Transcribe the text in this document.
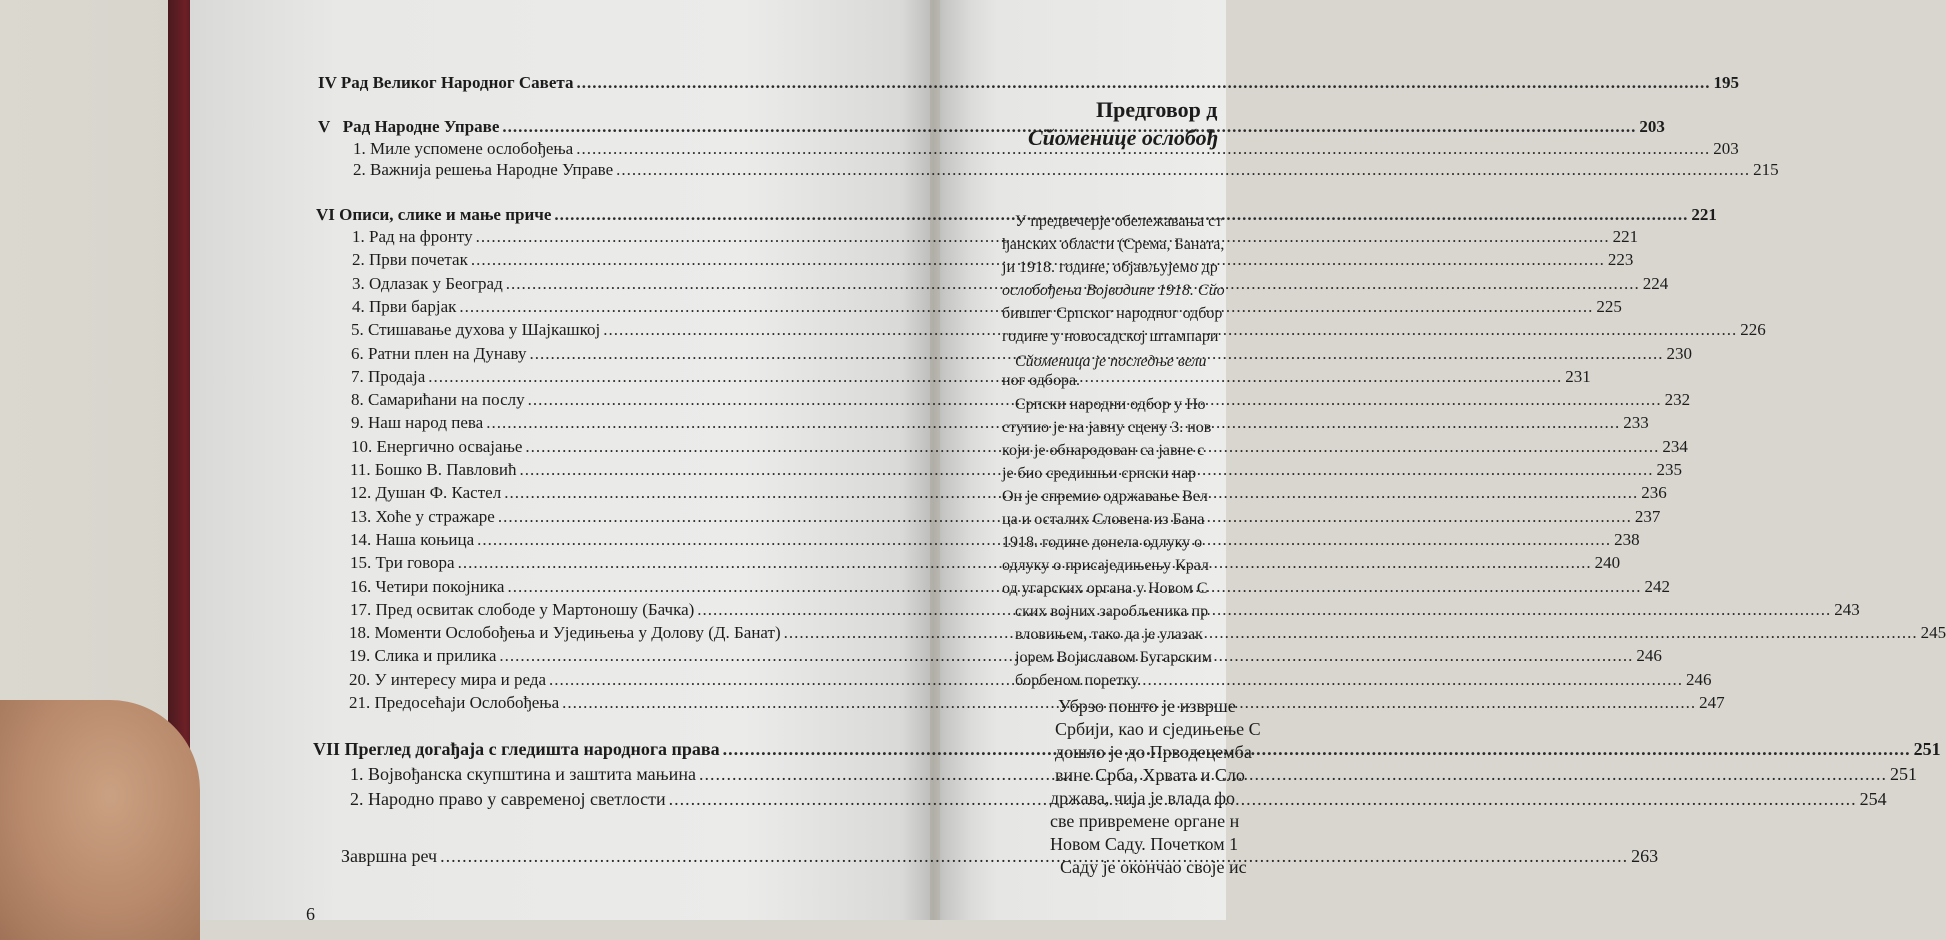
Предговор д
Сйоменице ослобођ
У предвечерје обележавања ст
ђанских области (Срема, Баната,
ји 1918. године, објављујемо др
ослобођења Војводине 1918. Сйо
бившег Српског народног одбор
године у новосадској штампари
Сйоменица је последње вели
ног одбора.
Српски народни одбор у Но
ступио је на јавну сцену 3. нов
који је обнародован са јавне с
је био средишњи српски нар
Он је спремио одржавање Вел
ца и осталих Словена из Бана
1918. године донела одлуку о
одлуку о присаједињењу Крал
од угарских органа у Новом С
ских војних заробљеника пр
вловињем, тако да је улазак
јорем Војиславом Бугарским
борбеном поретку.
Убрзо пошто је извршe
Србији, као и сједињење С
дошло је до Прводецемба
вине Срба, Хрвата и Сло
држава, чија је влада фо
све привремене органе н
Новом Саду. Почетком 1
Саду је окончао своје ис
IV Рад Великог Народног Савета .....	195
V   Рад Народне Управе .....	203
1. Миле успомене ослобођења .....	203
2. Важнија решења Народне Управе .....	215
VI Описи, слике и мање приче .....	221
1. Рад на фронту .....	221
2. Први почетак .....	223
3. Одлазак у Београд .....	224
4. Први барјак .....	225
5. Стишавање духова у Шајкашкој .....	226
6. Ратни плен на Дунаву .....	230
7. Продаја .....	231
8. Самарићани на послу .....	232
9. Наш народ пева .....	233
10. Енергично освајање .....	234
11. Бошко В. Павловић .....	235
12. Душан Ф. Кастел .....	236
13. Хоће у стражаре .....	237
14. Наша коњица .....	238
15. Три говора .....	240
16. Четири покојника .....	242
17. Пред освитак слободе у Мартоношу (Бачка) .....	243
18. Моменти Ослобођења и Уједињења у Долову (Д. Банат) .....	245
19. Слика и прилика .....	246
20. У интересу мира и реда .....	246
21. Предосећаји Ослобођења .....	247
VII Преглед догађаја с гледишта народнога права .....	251
1. Војвођанска скупштина и заштита мањина .....	251
2. Народно право у савременој светлости .....	254
Завршна реч .....	263
6
